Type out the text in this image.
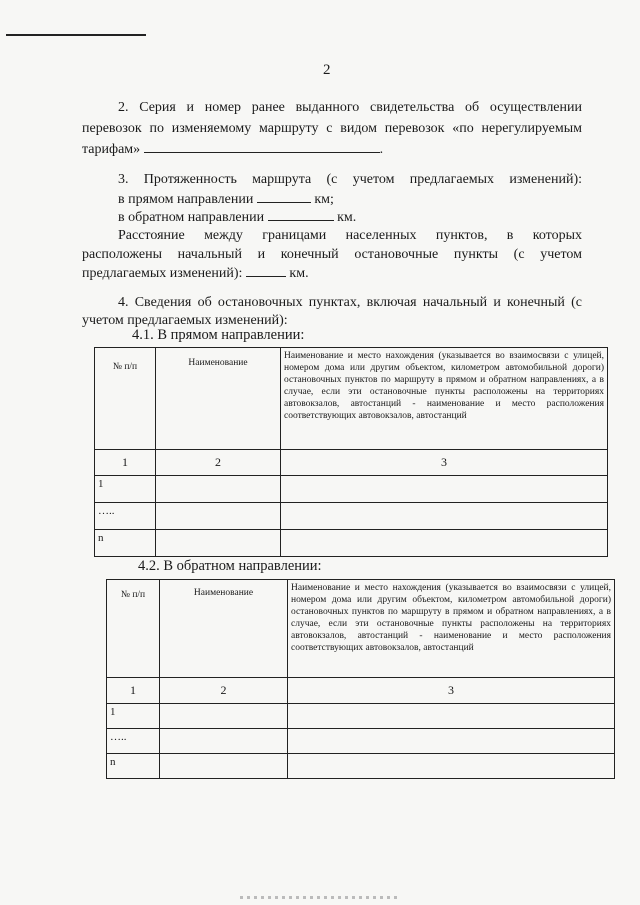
2
2. Серия и номер ранее выданного свидетельства об осуществлении
перевозок по изменяемому маршруту с видом перевозок «по нерегулируемым
тарифам»	.
3. Протяженность маршрута (с учетом предлагаемых изменений):
в прямом направлении	км;
в обратном направлении	км.
Расстояние между границами населенных пунктов, в которых
расположены начальный и конечный остановочные пункты (с учетом
предлагаемых изменений):	км.
4. Сведения об остановочных пунктах, включая начальный и конечный (с
учетом предлагаемых изменений):
4.1. В прямом направлении:
№ п/п	Наименование	Наименование и место нахождения (указывается во взаимосвязи с улицей, номером дома или другим объектом, километром автомобильной дороги) остановочных пунктов по маршруту в прямом и обратном направлениях, а в случае, если эти остановочные пункты расположены на территориях автовокзалов, автостанций - наименование и место расположения соответствующих автовокзалов, автостанций
1	2	3
1		
…..		
n		
4.2. В обратном направлении:
№ п/п	Наименование	Наименование и место нахождения (указывается во взаимосвязи с улицей, номером дома или другим объектом, километром автомобильной дороги) остановочных пунктов по маршруту в прямом и обратном направлениях, а в случае, если эти остановочные пункты расположены на территориях автовокзалов, автостанций - наименование и место расположения соответствующих автовокзалов, автостанций
1	2	3
1		
…..		
n		
